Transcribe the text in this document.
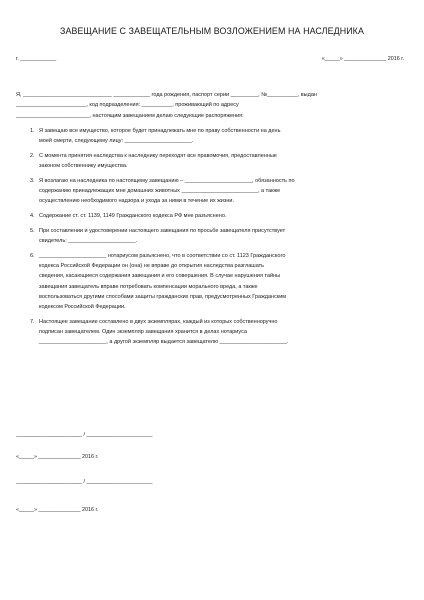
ЗАВЕЩАНИЕ С ЗАВЕЩАТЕЛЬНЫМ ВОЗЛОЖЕНИЕМ НА НАСЛЕДНИКА
г. ____________	«_____» ______________ 2016 г.

Я, _____________________________ ____________ года рождения, паспорт серии _________, №__________, выдан

_______________________, код подразделения: __________, проживающий по адресу

________________________, настоящим завещанием делаю следующие распоряжения:

1. Я завещаю все имущество, которое будет принадлежать мне по праву собственности на день
моей смерти, следующему лицу: ______________________.
2. С момента принятия наследства к наследнику переходят все правомочия, предоставленные
законом собственнику имущества.
3. Я возлагаю на наследника по настоящему завещанию – ______________________, обязанность по
содержанию принадлежащих мне домашних животных _________________________, а также
осуществлению необходимого надзора и ухода за ними в течение их жизни.
4. Содержание ст. ст. 1139, 1149 Гражданского кодекса РФ мне разъяснено.
5. При составлении и удостоверении настоящего завещания по просьбе завещателя присутствует
свидетель: ______________________.
6. ______________________ нотариусом разъяснено, что в соответствии со ст. 1123 Гражданского
кодекса Российской Федерации он (она) не вправе до открытия наследства разглашать
сведения, касающиеся содержания завещания и его совершения. В случае нарушения тайны
завещания завещатель вправе потребовать компенсации морального вреда, а также
воспользоваться другими способами защиты гражданских прав, предусмотренных Гражданским
кодексом Российской Федерации.
7. Настоящее завещание составлено в двух экземплярах, каждый из которых собственноручно
подписан завещателем. Один экземпляр завещания хранится в делах нотариуса
______________________, а другой экземпляр выдается завещателю ______________________.
______________________ / ______________________
«_____» ______________ 2016 г.
______________________ / ______________________
«_____» ______________ 2016 г.
